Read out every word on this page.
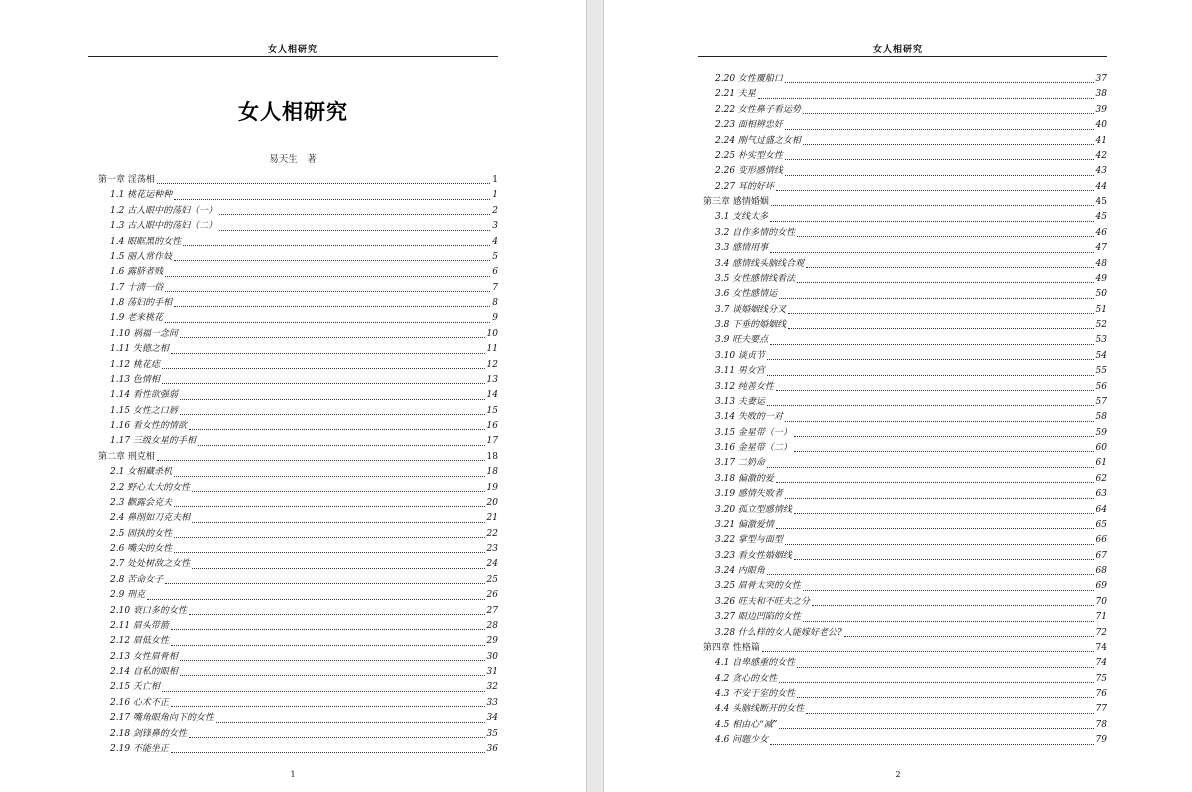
女人相研究
女人相研究
易天生　著
第一章 淫荡相	1
1.1 桃花运种种	1
1.2 古人眼中的荡妇（一）	2
1.3 古人眼中的荡妇（二）	3
1.4 眼眶黑的女性	4
1.5 丽人常作妓	5
1.6 露脐者贱	6
1.7 十淸一俗	7
1.8 荡妇的手相	8
1.9 老来桃花	9
1.10 祸福一念间	10
1.11 失德之相	11
1.12 桃花痣	12
1.13 色情相	13
1.14 看性欲强弱	14
1.15 女性之口唇	15
1.16 看女性的情欲	16
1.17 三级女星的手相	17
第二章 刑克相	18
2.1 女相藏杀机	18
2.2 野心太大的女性	19
2.3 颧露会克夫	20
2.4 鼻削如刀克夫相	21
2.5 固执的女性	22
2.6 嘴尖的女性	23
2.7 处处树敌之女性	24
2.8 苦命女子	25
2.9 刑克	26
2.10 衰口多的女性	27
2.11 眉头带箭	28
2.12 眉低女性	29
2.13 女性眉骨相	30
2.14 自私的眼相	31
2.15 夭亡相	32
2.16 心术不正	33
2.17 嘴角眼角向下的女性	34
2.18 剑锋鼻的女性	35
2.19 不能坐正	36
1
女人相研究
2.20 女性覆船口	37
2.21 夫星	38
2.22 女性鼻子看运势	39
2.23 面相辨忠奸	40
2.24 刚气过盛之女相	41
2.25 朴实型女性	42
2.26 变形感情线	43
2.27 耳的好坏	44
第三章 感情婚姻	45
3.1 支线太多	45
3.2 自作多情的女性	46
3.3 感情用事	47
3.4 感情线头脑线合观	48
3.5 女性感情线看法	49
3.6 女性感情运	50
3.7 谈婚姻线分叉	51
3.8 下垂的婚姻线	52
3.9 旺夫要点	53
3.10 谈贞节	54
3.11 男女宫	55
3.12 纯善女性	56
3.13 夫妻运	57
3.14 失败的一对	58
3.15 金星带（一）	59
3.16 金星带（二）	60
3.17 二奶命	61
3.18 偏激的爱	62
3.19 感情失败者	63
3.20 孤立型感情线	64
3.21 偏激爱情	65
3.22 掌型与面型	66
3.23 看女性婚姻线	67
3.24 内眼角	68
3.25 眉骨太突的女性	69
3.26 旺夫和不旺夫之分	70
3.27 眼边凹陷的女性	71
3.28 什么样的女人能嫁好老公?	72
第四章 性格篇	74
4.1 自卑感重的女性	74
4.2 贪心的女性	75
4.3 不安于室的女性	76
4.4 头脑线断开的女性	77
4.5 相由心“减”	78
4.6 问题少女	79
2
